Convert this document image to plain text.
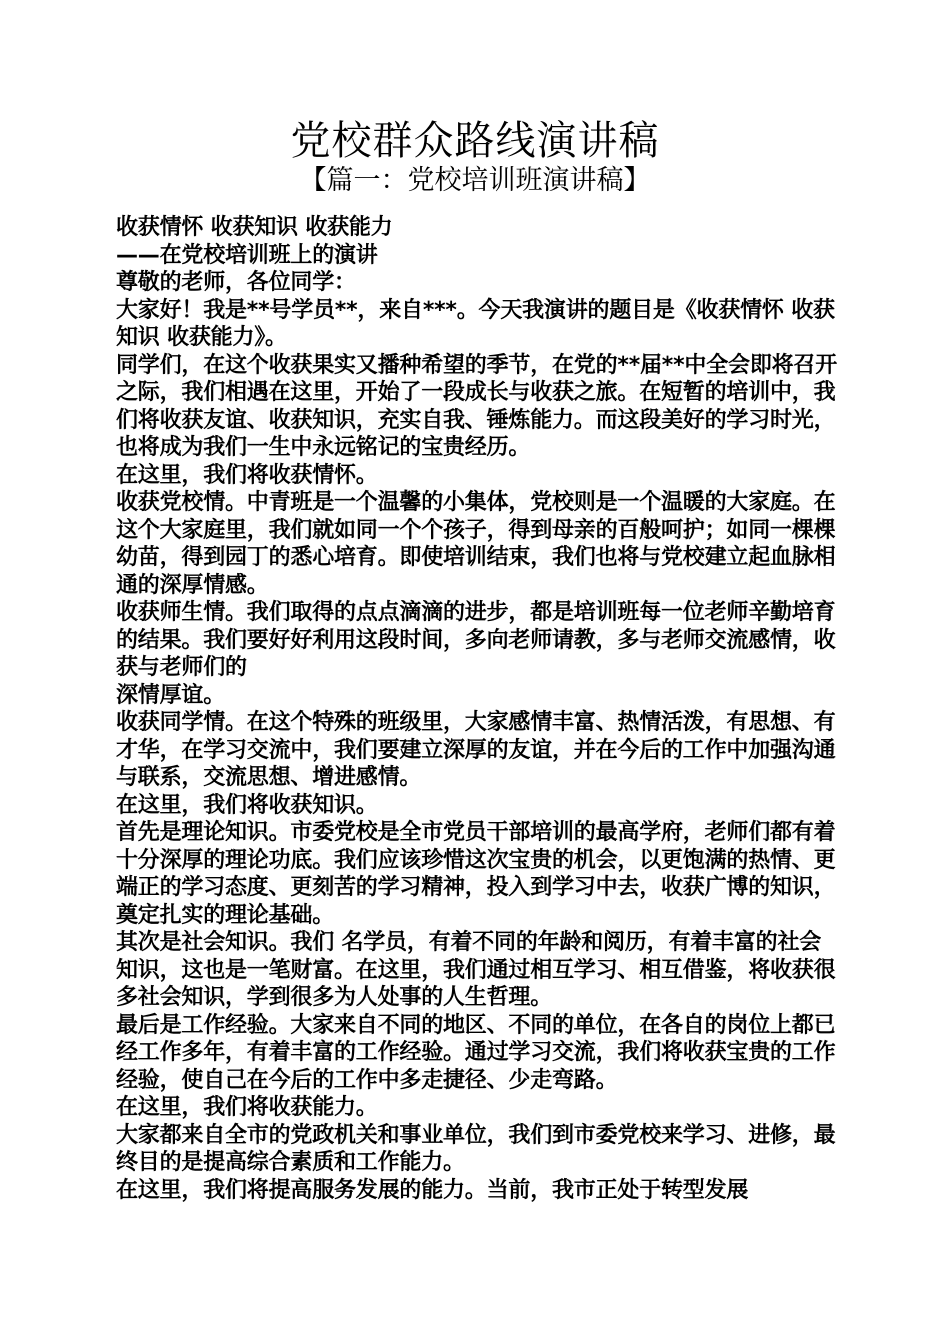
党校群众路线演讲稿
【篇一：党校培训班演讲稿】

收获情怀 收获知识 收获能力

——在党校培训班上的演讲

尊敬的老师，各位同学：

大家好！我是**号学员**，来自***。今天我演讲的题目是《收获情怀 收获知识 收获能力》。

同学们，在这个收获果实又播种希望的季节，在党的**届**中全会即将召开之际，我们相遇在这里，开始了一段成长与收获之旅。在短暂的培训中，我们将收获友谊、收获知识，充实自我、锤炼能力。而这段美好的学习时光，也将成为我们一生中永远铭记的宝贵经历。

在这里，我们将收获情怀。

收获党校情。中青班是一个温馨的小集体，党校则是一个温暖的大家庭。在这个大家庭里，我们就如同一个个孩子，得到母亲的百般呵护；如同一棵棵幼苗，得到园丁的悉心培育。即使培训结束，我们也将与党校建立起血脉相通的深厚情感。

收获师生情。我们取得的点点滴滴的进步，都是培训班每一位老师辛勤培育的结果。我们要好好利用这段时间，多向老师请教，多与老师交流感情，收获与老师们的

深情厚谊。

收获同学情。在这个特殊的班级里，大家感情丰富、热情活泼，有思想、有才华，在学习交流中，我们要建立深厚的友谊，并在今后的工作中加强沟通与联系，交流思想、增进感情。

在这里，我们将收获知识。

首先是理论知识。市委党校是全市党员干部培训的最高学府，老师们都有着十分深厚的理论功底。我们应该珍惜这次宝贵的机会，以更饱满的热情、更端正的学习态度、更刻苦的学习精神，投入到学习中去，收获广博的知识，奠定扎实的理论基础。

其次是社会知识。我们 名学员，有着不同的年龄和阅历，有着丰富的社会知识，这也是一笔财富。在这里，我们通过相互学习、相互借鉴，将收获很多社会知识，学到很多为人处事的人生哲理。

最后是工作经验。大家来自不同的地区、不同的单位，在各自的岗位上都已经工作多年，有着丰富的工作经验。通过学习交流，我们将收获宝贵的工作经验，使自己在今后的工作中多走捷径、少走弯路。

在这里，我们将收获能力。

大家都来自全市的党政机关和事业单位，我们到市委党校来学习、进修，最终目的是提高综合素质和工作能力。

在这里，我们将提高服务发展的能力。当前，我市正处于转型发展
